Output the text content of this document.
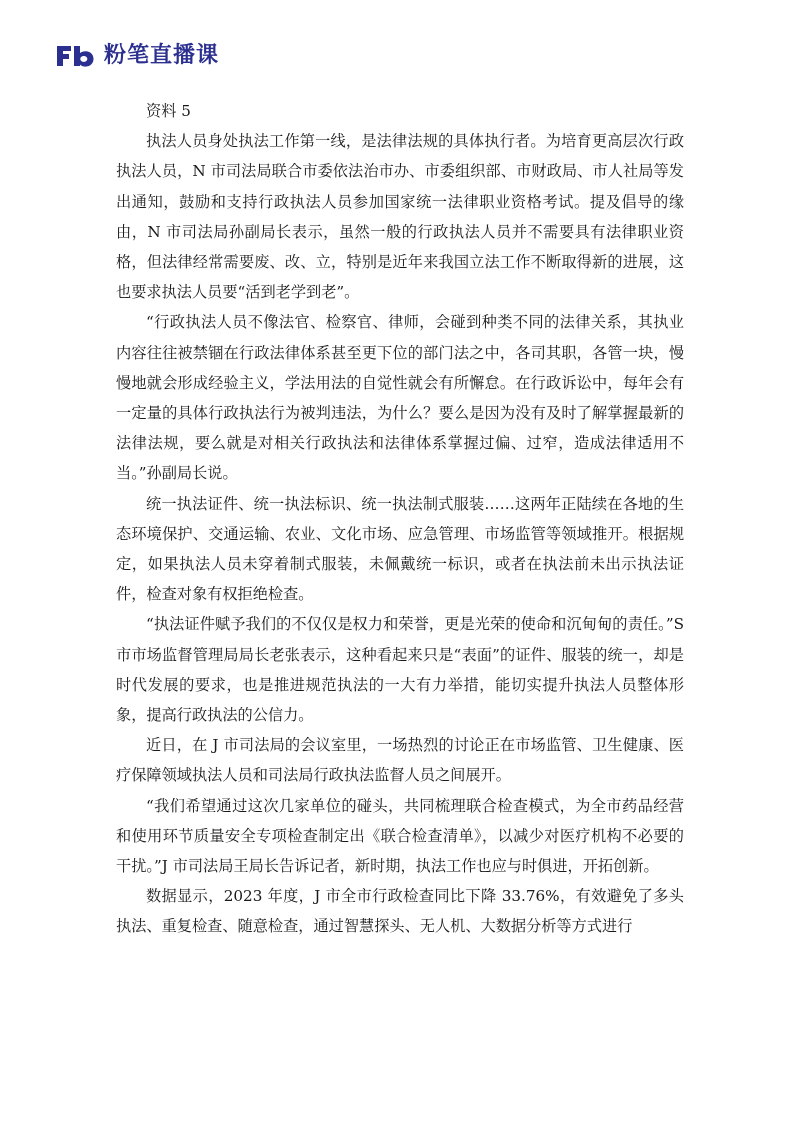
粉笔直播课

资料 5

执法人员身处执法工作第一线，是法律法规的具体执行者。为培育更高层次行政执法人员，N 市司法局联合市委依法治市办、市委组织部、市财政局、市人社局等发出通知，鼓励和支持行政执法人员参加国家统一法律职业资格考试。提及倡导的缘由，N 市司法局孙副局长表示，虽然一般的行政执法人员并不需要具有法律职业资格，但法律经常需要废、改、立，特别是近年来我国立法工作不断取得新的进展，这也要求执法人员要“活到老学到老”。

“行政执法人员不像法官、检察官、律师，会碰到种类不同的法律关系，其执业内容往往被禁锢在行政法律体系甚至更下位的部门法之中，各司其职，各管一块，慢慢地就会形成经验主义，学法用法的自觉性就会有所懈怠。在行政诉讼中，每年会有一定量的具体行政执法行为被判违法，为什么？要么是因为没有及时了解掌握最新的法律法规，要么就是对相关行政执法和法律体系掌握过偏、过窄，造成法律适用不当。”孙副局长说。

统一执法证件、统一执法标识、统一执法制式服装……这两年正陆续在各地的生态环境保护、交通运输、农业、文化市场、应急管理、市场监管等领域推开。根据规定，如果执法人员未穿着制式服装，未佩戴统一标识，或者在执法前未出示执法证件，检查对象有权拒绝检查。

“执法证件赋予我们的不仅仅是权力和荣誉，更是光荣的使命和沉甸甸的责任。”S 市市场监督管理局局长老张表示，这种看起来只是“表面”的证件、服装的统一，却是时代发展的要求，也是推进规范执法的一大有力举措，能切实提升执法人员整体形象，提高行政执法的公信力。

近日，在 J 市司法局的会议室里，一场热烈的讨论正在市场监管、卫生健康、医疗保障领域执法人员和司法局行政执法监督人员之间展开。

“我们希望通过这次几家单位的碰头，共同梳理联合检查模式，为全市药品经营和使用环节质量安全专项检查制定出《联合检查清单》，以减少对医疗机构不必要的干扰。”J 市司法局王局长告诉记者，新时期，执法工作也应与时俱进，开拓创新。

数据显示，2023 年度，J 市全市行政检查同比下降 33.76%，有效避免了多头执法、重复检查、随意检查，通过智慧探头、无人机、大数据分析等方式进行
